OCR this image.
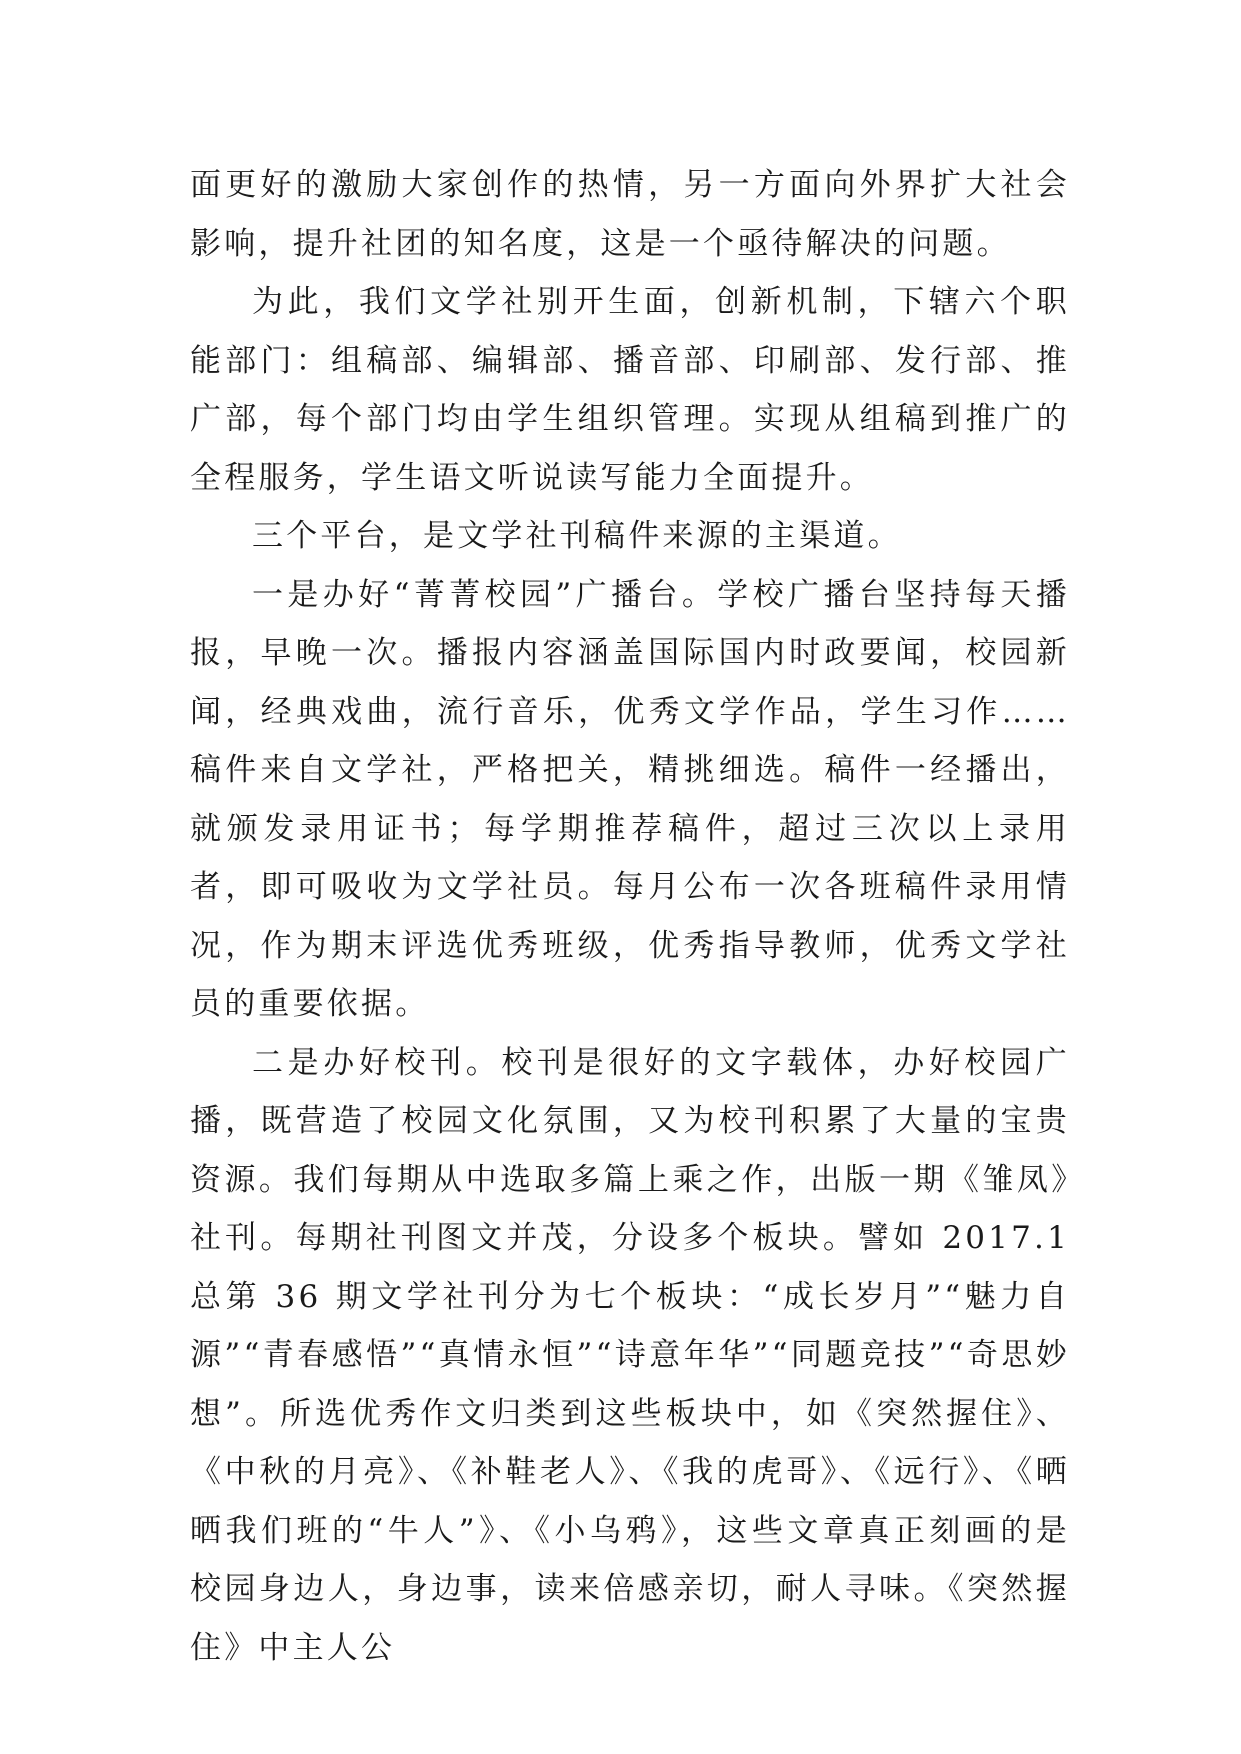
面更好的激励大家创作的热情，另一方面向外界扩大社会影响，提升社团的知名度，这是一个亟待解决的问题。

为此，我们文学社别开生面，创新机制，下辖六个职能部门：组稿部、编辑部、播音部、印刷部、发行部、推广部，每个部门均由学生组织管理。实现从组稿到推广的全程服务，学生语文听说读写能力全面提升。

三个平台，是文学社刊稿件来源的主渠道。

一是办好“菁菁校园”广播台。学校广播台坚持每天播报，早晚一次。播报内容涵盖国际国内时政要闻，校园新闻，经典戏曲，流行音乐，优秀文学作品，学生习作……稿件来自文学社，严格把关，精挑细选。稿件一经播出，就颁发录用证书；每学期推荐稿件，超过三次以上录用者，即可吸收为文学社员。每月公布一次各班稿件录用情况，作为期末评选优秀班级，优秀指导教师，优秀文学社员的重要依据。

二是办好校刊。校刊是很好的文字载体，办好校园广播，既营造了校园文化氛围，又为校刊积累了大量的宝贵资源。我们每期从中选取多篇上乘之作，出版一期《雏凤》社刊。每期社刊图文并茂，分设多个板块。譬如 2017.1 总第 36 期文学社刊分为七个板块：“成长岁月”“魅力自源”“青春感悟”“真情永恒”“诗意年华”“同题竞技”“奇思妙想”。所选优秀作文归类到这些板块中，如《突然握住》、《中秋的月亮》、《补鞋老人》、《我的虎哥》、《远行》、《晒晒我们班的“牛人”》、《小乌鸦》，这些文章真正刻画的是校园身边人，身边事，读来倍感亲切，耐人寻味。《突然握住》中主人公
